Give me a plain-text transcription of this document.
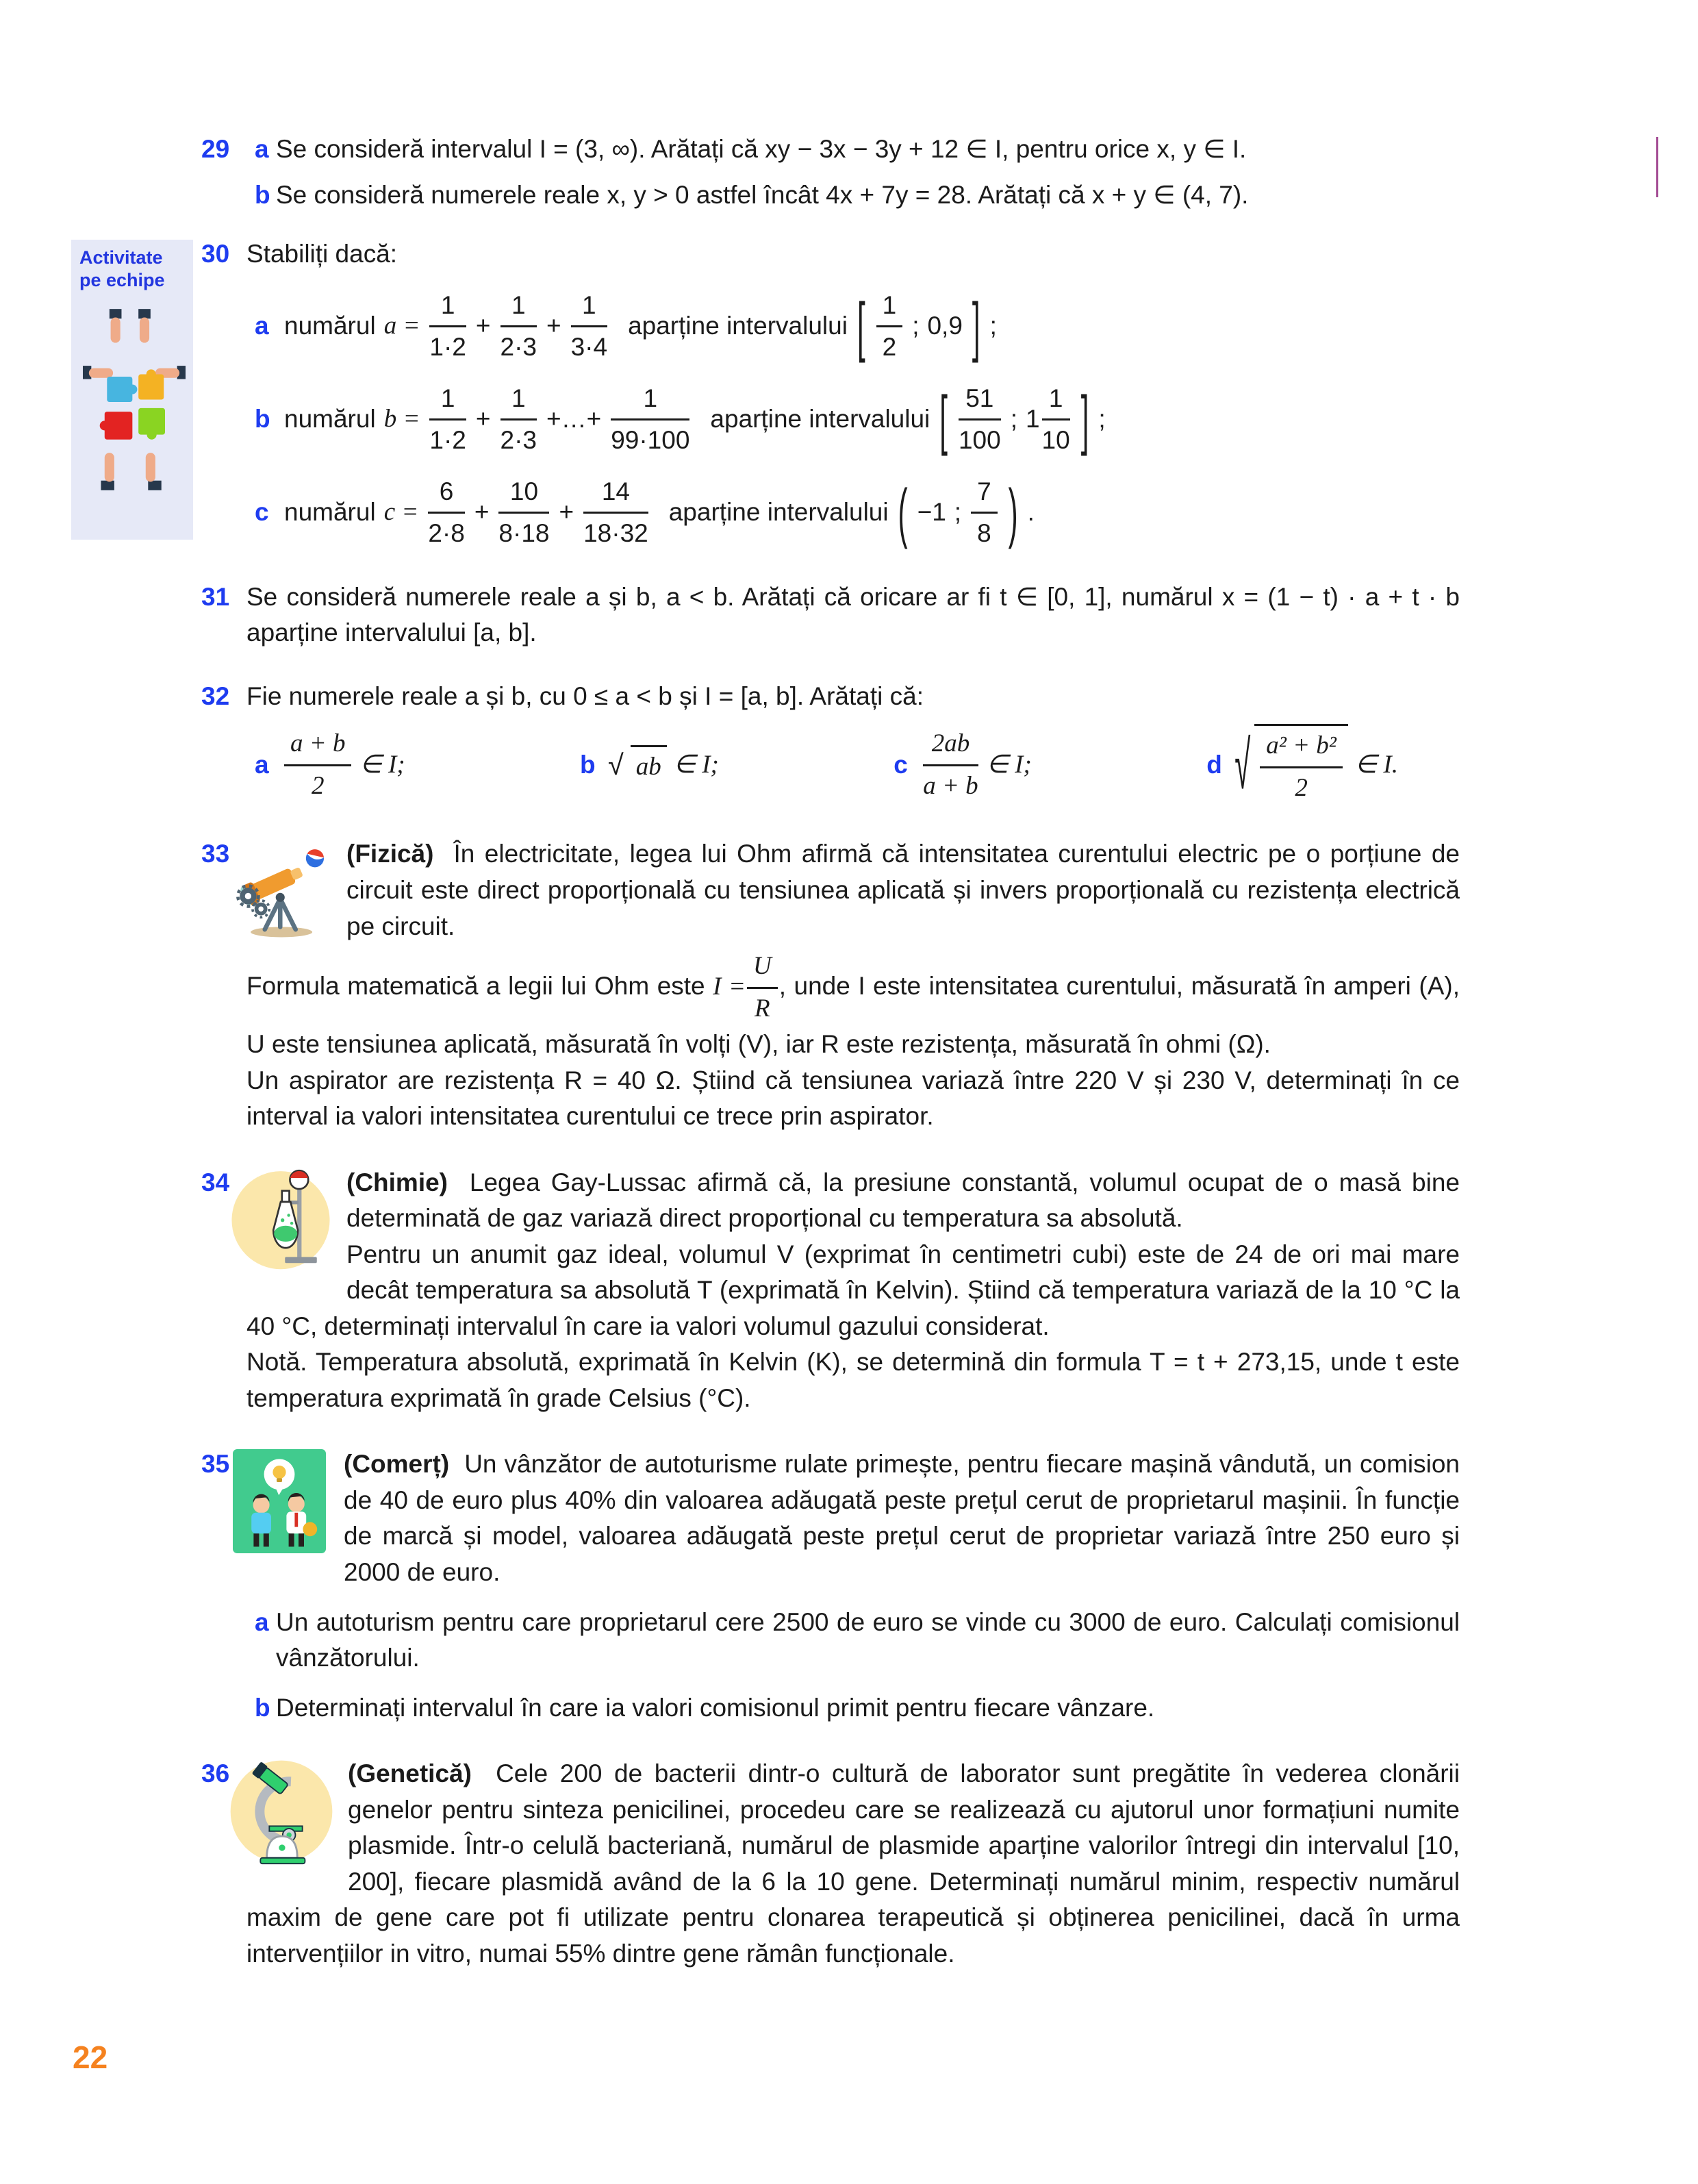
Activitate

pe echipe

29 a Se consideră intervalul I = (3, ∞). Arătați că xy − 3x − 3y + 12 ∈ I, pentru orice x, y ∈ I.

b Se consideră numerele reale x, y > 0 astfel încât 4x + 7y = 28. Arătați că x + y ∈ (4, 7).

30 Stabiliți dacă:

a numărul $a = \frac{1}{1\cdot 2} + \frac{1}{2\cdot 3} + \frac{1}{3\cdot 4}$ aparține intervalului [ $\frac{1}{2}$ ; 0,9 ] ;
b numărul $b = \frac{1}{1\cdot 2} + \frac{1}{2\cdot 3}$ +…+ $\frac{1}{99\cdot 100}$ aparține intervalului [ $\frac{51}{100}$ ; $1 \frac{1}{10}$ ] ;
c numărul $c = \frac{6}{2\cdot 8} + \frac{10}{8\cdot 18} + \frac{14}{18\cdot 32}$ aparține intervalului ( −1 ; $\frac{7}{8}$ ) .
31 Se consideră numerele reale a și b, a < b. Arătați că oricare ar fi t ∈ [0, 1], numărul x = (1 − t) · a + t · b aparține intervalului [a, b].

32 Fie numerele reale a și b, cu 0 ≤ a < b și I = [a, b]. Arătați că:

a $\frac{a + b}{2}$ ∈ I;	b √ ab ∈ I;	c $\frac{2ab}{a + b}$ ∈ I;	d √ $\frac{\text{a² + b²}}{2}$ ∈ I.
33	(Fizică) În electricitate, legea lui Ohm afirmă că intensitatea curentului electric pe o porțiune de circuit este direct proporțională cu tensiunea aplicată și invers proporțională cu rezistența electrică pe circuit.

Formula matematică a legii lui Ohm este $I = \frac{U}{R}$ , unde I este intensitatea curentului, măsurată în amperi (A), U este tensiunea aplicată, măsurată în volți (V), iar R este rezistența, măsurată în ohmi (Ω).

Un aspirator are rezistența R = 40 Ω. Știind că tensiunea variază între 220 V și 230 V, determinați în ce interval ia valori intensitatea curentului ce trece prin aspirator.

34	(Chimie) Legea Gay-Lussac afirmă că, la presiune constantă, volumul ocupat de o masă bine determinată de gaz variază direct proporțional cu temperatura sa absolută.

Pentru un anumit gaz ideal, volumul V (exprimat în centimetri cubi) este de 24 de ori mai mare decât temperatura sa absolută T (exprimată în Kelvin). Știind că temperatura variază de la 10 °C la 40 °C, determinați intervalul în care ia valori volumul gazului considerat.

Notă. Temperatura absolută, exprimată în Kelvin (K), se determină din formula T = t + 273,15, unde t este temperatura exprimată în grade Celsius (°C).

35	(Comerț) Un vânzător de autoturisme rulate primește, pentru fiecare mașină vândută, un comision de 40 de euro plus 40% din valoarea adăugată peste prețul cerut de proprietarul mașinii. În funcție de marcă și model, valoarea adăugată peste prețul cerut de proprietar variază între 250 euro și 2000 de euro.

a Un autoturism pentru care proprietarul cere 2500 de euro se vinde cu 3000 de euro. Calculați comisionul vânzătorului.

b Determinați intervalul în care ia valori comisionul primit pentru fiecare vânzare.

36	(Genetică) Cele 200 de bacterii dintr-o cultură de laborator sunt pregătite în vederea clonării genelor pentru sinteza penicilinei, procedeu care se realizează cu ajutorul unor formațiuni numite plasmide. Într-o celulă bacteriană, numărul de plasmide aparține valorilor întregi din intervalul [10, 200], fiecare plasmidă având de la 6 la 10 gene. Determinați numărul minim, respectiv numărul maxim de gene care pot fi utilizate pentru clonarea terapeutică și obținerea penicilinei, dacă în urma intervențiilor in vitro, numai 55% dintre gene rămân funcționale.

22
